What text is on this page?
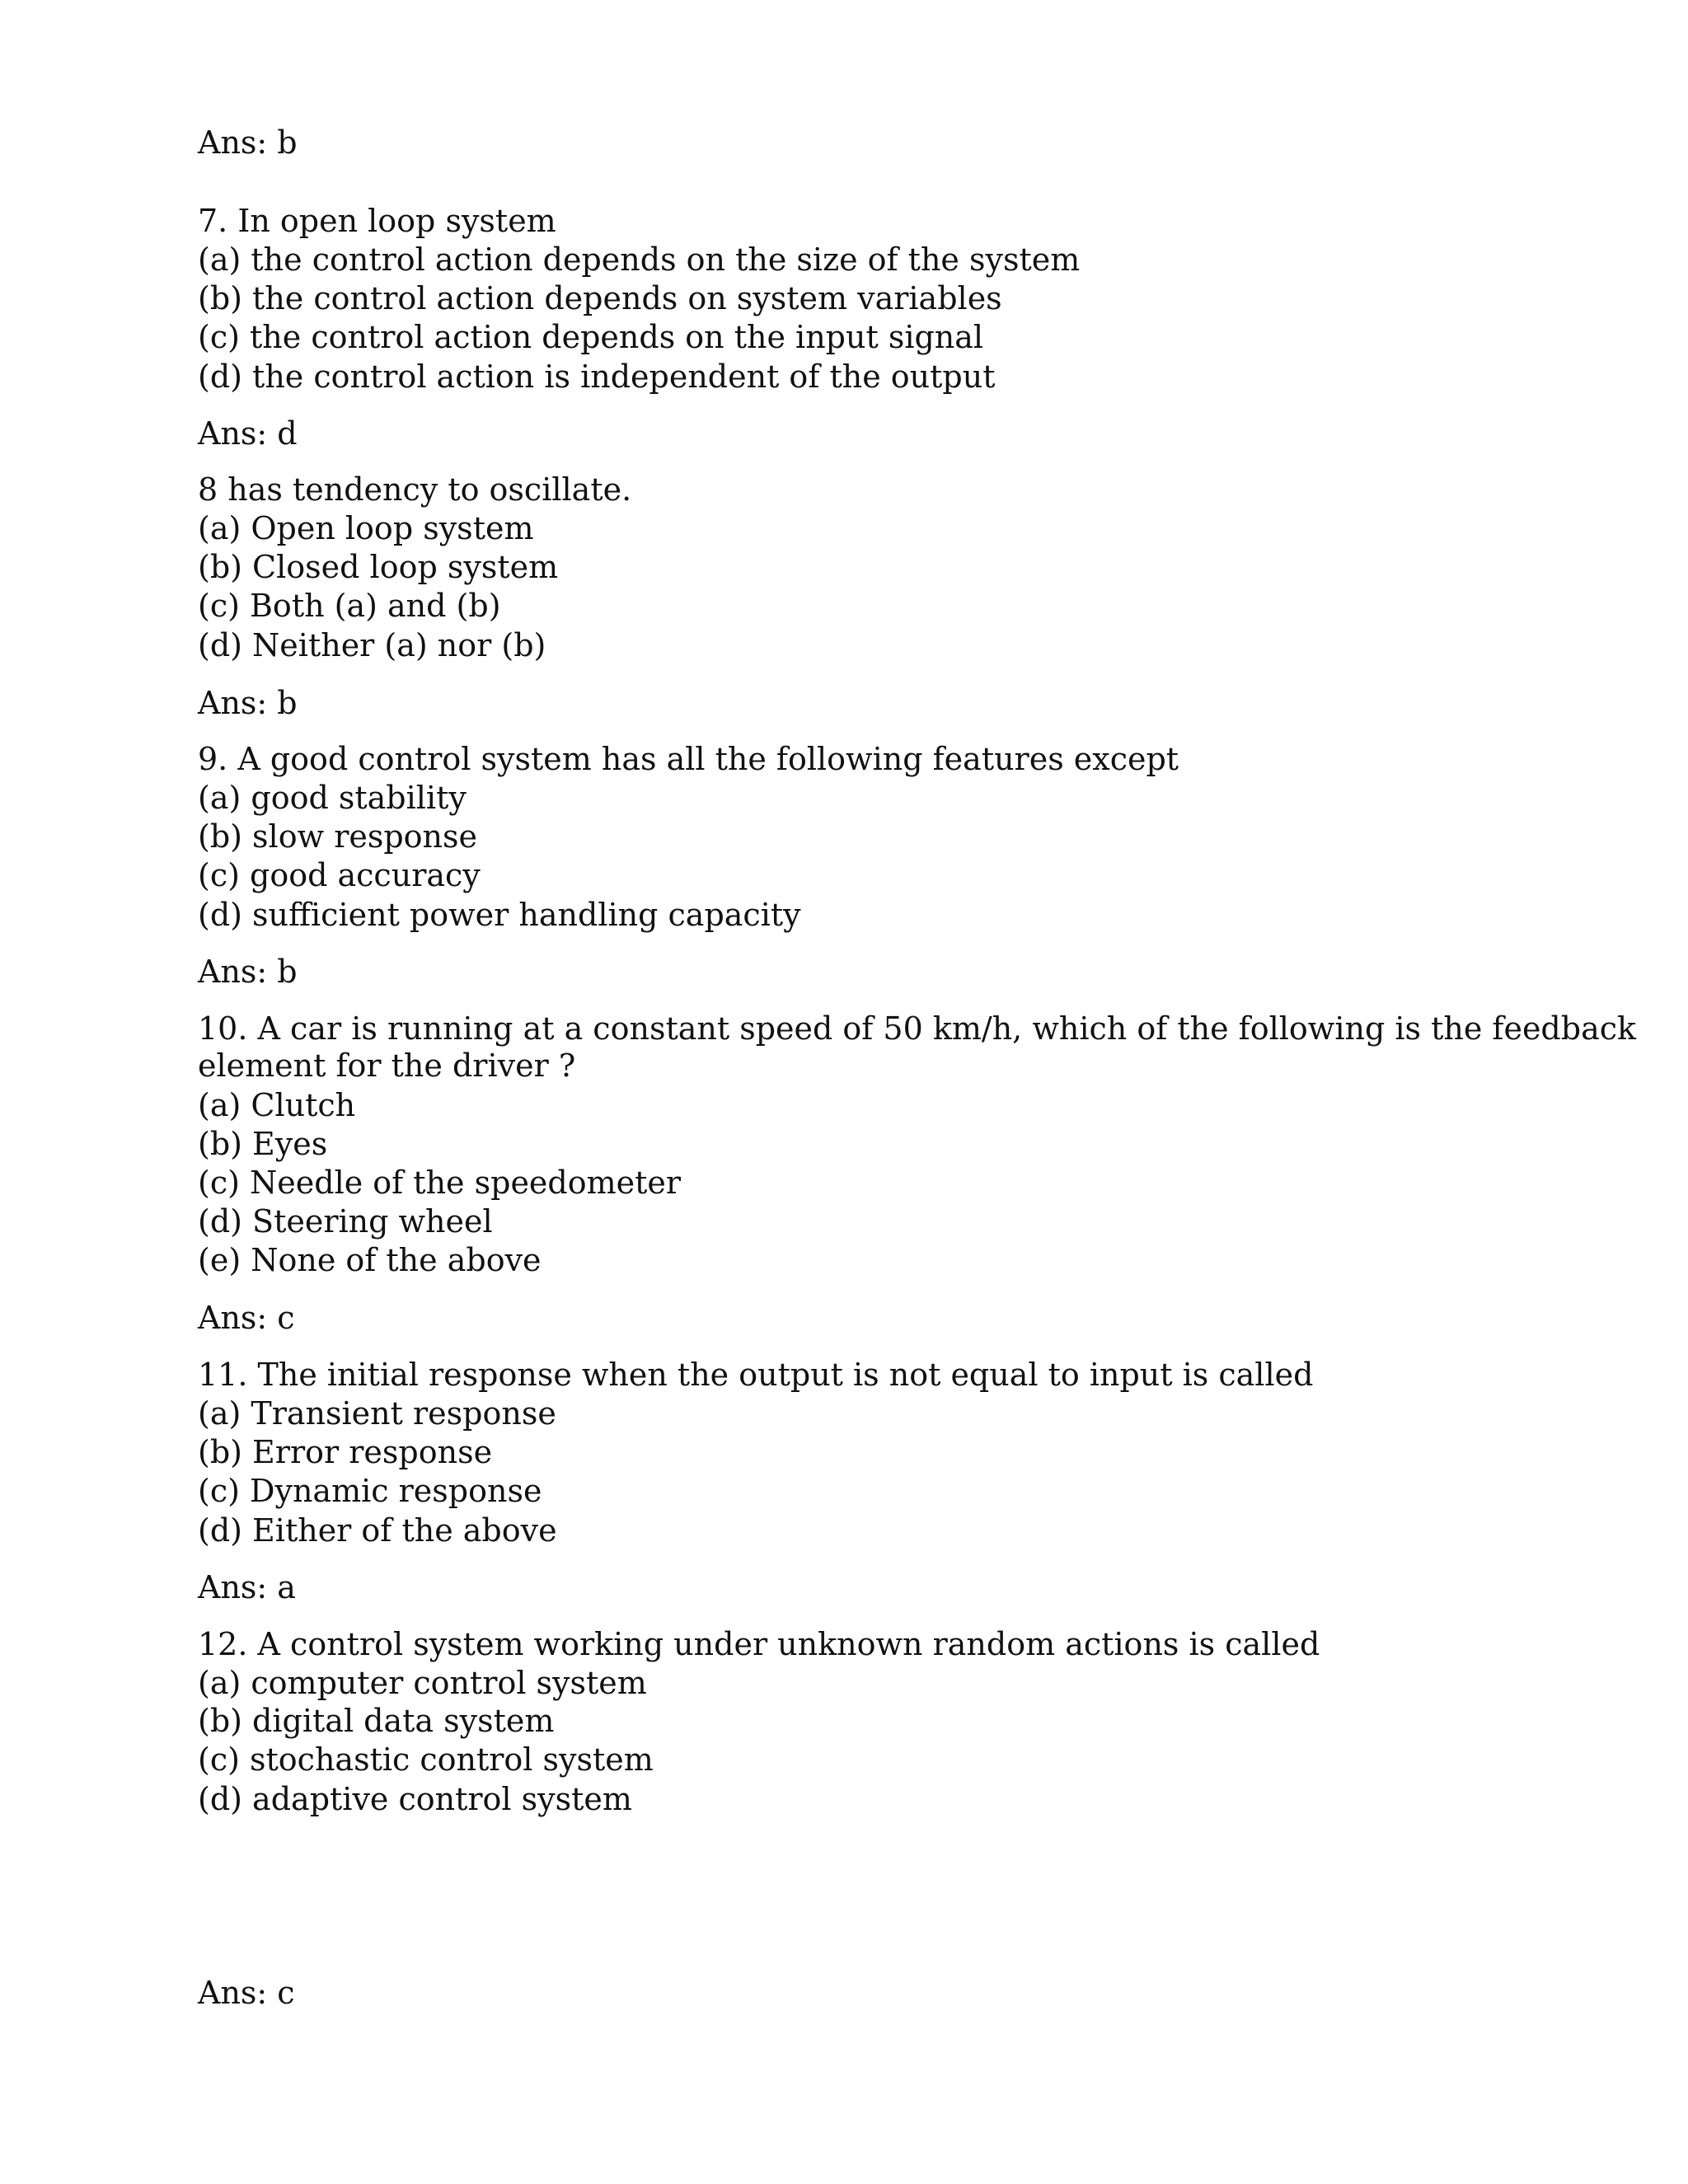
Ans: b
7. In open loop system
(a) the control action depends on the size of the system
(b) the control action depends on system variables
(c) the control action depends on the input signal
(d) the control action is independent of the output
Ans: d
8 has tendency to oscillate.
(a) Open loop system
(b) Closed loop system
(c) Both (a) and (b)
(d) Neither (a) nor (b)
Ans: b
9. A good control system has all the following features except
(a) good stability
(b) slow response
(c) good accuracy
(d) sufficient power handling capacity
Ans: b
10. A car is running at a constant speed of 50 km/h, which of the following is the feedback
element for the driver ?
(a) Clutch
(b) Eyes
(c) Needle of the speedometer
(d) Steering wheel
(e) None of the above
Ans: c
11. The initial response when the output is not equal to input is called
(a) Transient response
(b) Error response
(c) Dynamic response
(d) Either of the above
Ans: a
12. A control system working under unknown random actions is called
(a) computer control system
(b) digital data system
(c) stochastic control system
(d) adaptive control system
Ans: c
